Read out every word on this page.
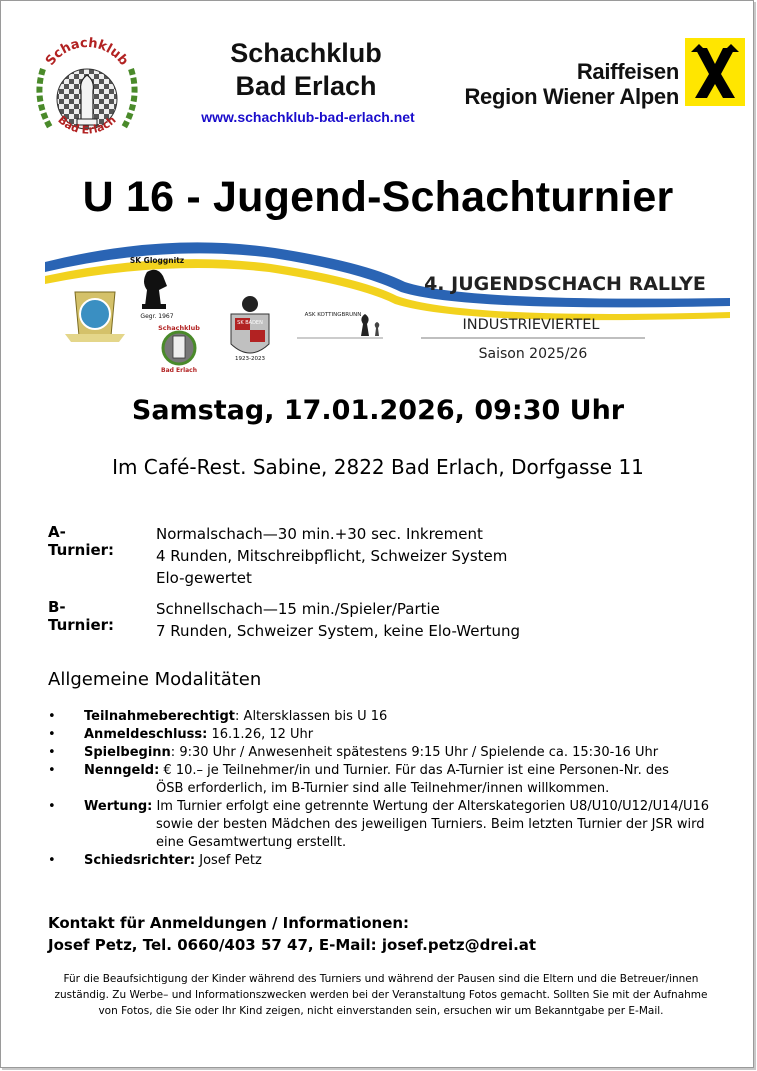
Schachklub
Bad Erlach
Schachklub
Bad Erlach
www.schachklub-bad-erlach.net
Raiffeisen
Region Wiener Alpen
U 16 - Jugend-Schachturnier
4. JUGENDSCHACH RALLYE
INDUSTRIEVIERTEL
Saison 2025/26
SK Gloggnitz
Gegr. 1967
Schachklub
Bad Erlach
SK BADEN
1923-2023
ASK KOTTINGBRUNN
Samstag, 17.01.2026, 09:30 Uhr
Im Café-Rest. Sabine, 2822 Bad Erlach, Dorfgasse 11
A-Turnier:
Normalschach—30 min.+30 sec. Inkrement
4 Runden, Mitschreibpflicht, Schweizer System
Elo-gewertet
B-Turnier:
Schnellschach—15 min./Spieler/Partie
7 Runden, Schweizer System, keine Elo-Wertung
Allgemeine Modalitäten
• Teilnahmeberechtigt: Altersklassen bis U 16
• Anmeldeschluss: 16.1.26, 12 Uhr
• Spielbeginn: 9:30 Uhr / Anwesenheit spätestens 9:15 Uhr / Spielende ca. 15:30-16 Uhr
• Nenngeld: € 10.– je Teilnehmer/in und Turnier. Für das A-Turnier ist eine Personen-Nr. des
ÖSB erforderlich, im B-Turnier sind alle Teilnehmer/innen willkommen.
• Wertung: Im Turnier erfolgt eine getrennte Wertung der Alterskategorien U8/U10/U12/U14/U16
sowie der besten Mädchen des jeweiligen Turniers. Beim letzten Turnier der JSR wird
eine Gesamtwertung erstellt.
• Schiedsrichter: Josef Petz
Kontakt für Anmeldungen / Informationen:
Josef Petz, Tel. 0660/403 57 47, E-Mail: josef.petz@drei.at
Für die Beaufsichtigung der Kinder während des Turniers und während der Pausen sind die Eltern und die Betreuer/innen
zuständig. Zu Werbe– und Informationszwecken werden bei der Veranstaltung Fotos gemacht. Sollten Sie mit der Aufnahme
von Fotos, die Sie oder Ihr Kind zeigen, nicht einverstanden sein, ersuchen wir um Bekanntgabe per E-Mail.
